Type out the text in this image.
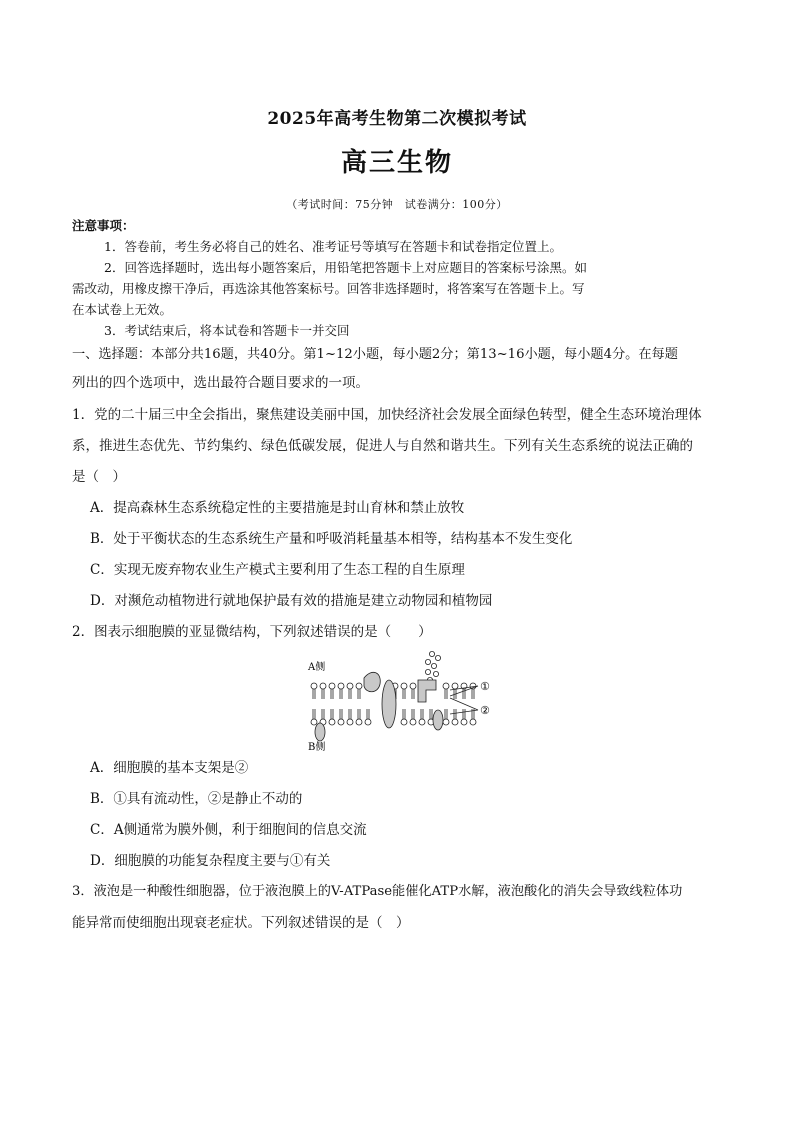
2025年高考生物第二次模拟考试
高三生物
（考试时间：75分钟　试卷满分：100分）
注意事项：
1．答卷前，考生务必将自己的姓名、准考证号等填写在答题卡和试卷指定位置上。
2．回答选择题时，选出每小题答案后，用铅笔把答题卡上对应题目的答案标号涂黑。如
需改动，用橡皮擦干净后，再选涂其他答案标号。回答非选择题时，将答案写在答题卡上。写
在本试卷上无效。
3．考试结束后，将本试卷和答题卡一并交回
一、选择题：本部分共16题，共40分。第1~12小题，每小题2分；第13~16小题，每小题4分。在每题
列出的四个选项中，选出最符合题目要求的一项。
1．党的二十届三中全会指出，聚焦建设美丽中国，加快经济社会发展全面绿色转型，健全生态环境治理体
系，推进生态优先、节约集约、绿色低碳发展，促进人与自然和谐共生。下列有关生态系统的说法正确的
是（　）
A．提高森林生态系统稳定性的主要措施是封山育林和禁止放牧
B．处于平衡状态的生态系统生产量和呼吸消耗量基本相等，结构基本不发生变化
C．实现无废弃物农业生产模式主要利用了生态工程的自生原理
D．对濒危动植物进行就地保护最有效的措施是建立动物园和植物园
2．图表示细胞膜的亚显微结构，下列叙述错误的是（　　）
A侧
B侧
①
②
A．细胞膜的基本支架是②
B．①具有流动性，②是静止不动的
C．A侧通常为膜外侧，利于细胞间的信息交流
D．细胞膜的功能复杂程度主要与①有关
3．液泡是一种酸性细胞器，位于液泡膜上的V-ATPase能催化ATP水解，液泡酸化的消失会导致线粒体功
能异常而使细胞出现衰老症状。下列叙述错误的是（　）
